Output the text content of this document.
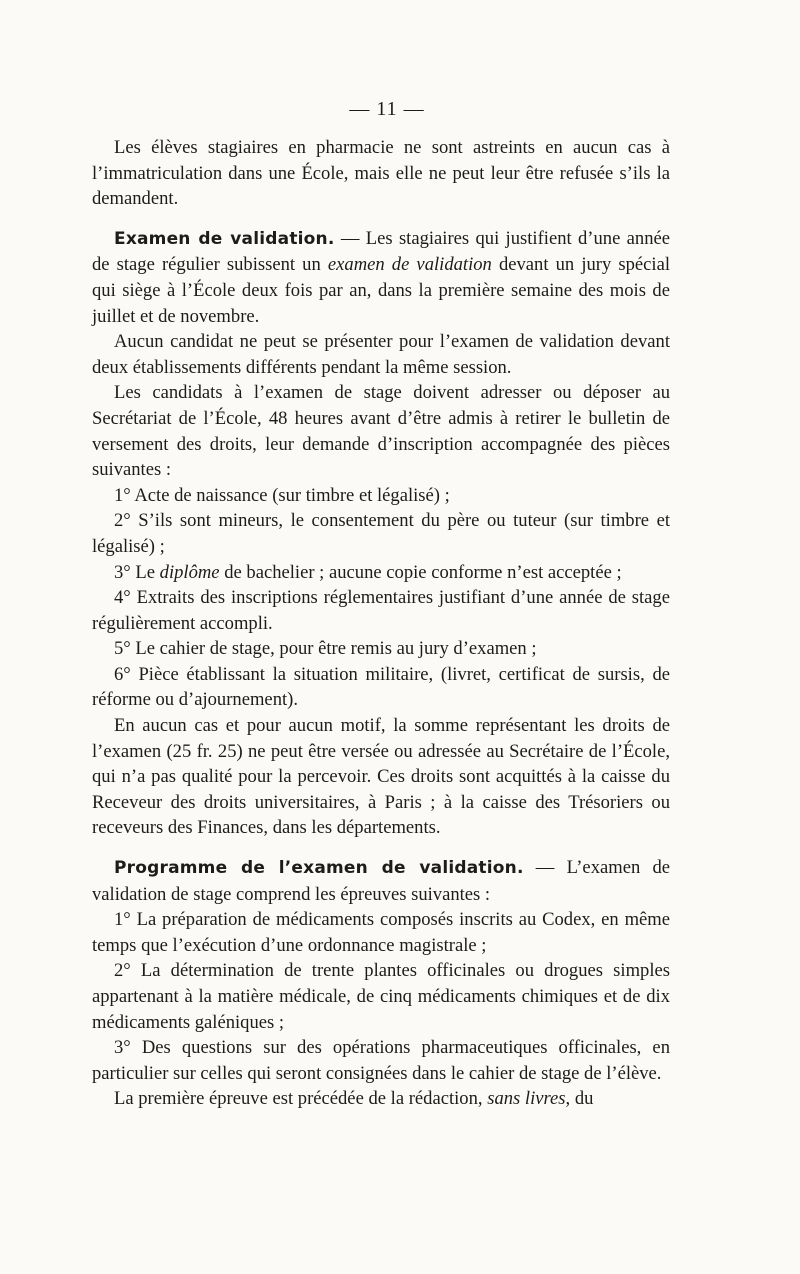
— 11 —

Les élèves stagiaires en pharmacie ne sont astreints en aucun cas à l’immatriculation dans une École, mais elle ne peut leur être refusée s’ils la demandent.

Examen de validation. — Les stagiaires qui justifient d’une année de stage régulier subissent un examen de validation devant un jury spécial qui siège à l’École deux fois par an, dans la première semaine des mois de juillet et de novembre.

Aucun candidat ne peut se présenter pour l’examen de validation devant deux établissements différents pendant la même session.

Les candidats à l’examen de stage doivent adresser ou déposer au Secrétariat de l’École, 48 heures avant d’être admis à retirer le bulletin de versement des droits, leur demande d’inscription accompagnée des pièces suivantes :

1° Acte de naissance (sur timbre et légalisé) ;

2° S’ils sont mineurs, le consentement du père ou tuteur (sur timbre et légalisé) ;

3° Le diplôme de bachelier ; aucune copie conforme n’est acceptée ;

4° Extraits des inscriptions réglementaires justifiant d’une année de stage régulièrement accompli.

5° Le cahier de stage, pour être remis au jury d’examen ;

6° Pièce établissant la situation militaire, (livret, certificat de sursis, de réforme ou d’ajournement).

En aucun cas et pour aucun motif, la somme représentant les droits de l’examen (25 fr. 25) ne peut être versée ou adressée au Secrétaire de l’École, qui n’a pas qualité pour la percevoir. Ces droits sont acquittés à la caisse du Receveur des droits universitaires, à Paris ; à la caisse des Trésoriers ou receveurs des Finances, dans les départements.

Programme de l’examen de validation. — L’examen de validation de stage comprend les épreuves suivantes :

1° La préparation de médicaments composés inscrits au Codex, en même temps que l’exécution d’une ordonnance magistrale ;

2° La détermination de trente plantes officinales ou drogues simples appartenant à la matière médicale, de cinq médicaments chimiques et de dix médicaments galéniques ;

3° Des questions sur des opérations pharmaceutiques officinales, en particulier sur celles qui seront consignées dans le cahier de stage de l’élève.

La première épreuve est précédée de la rédaction, sans livres, du
